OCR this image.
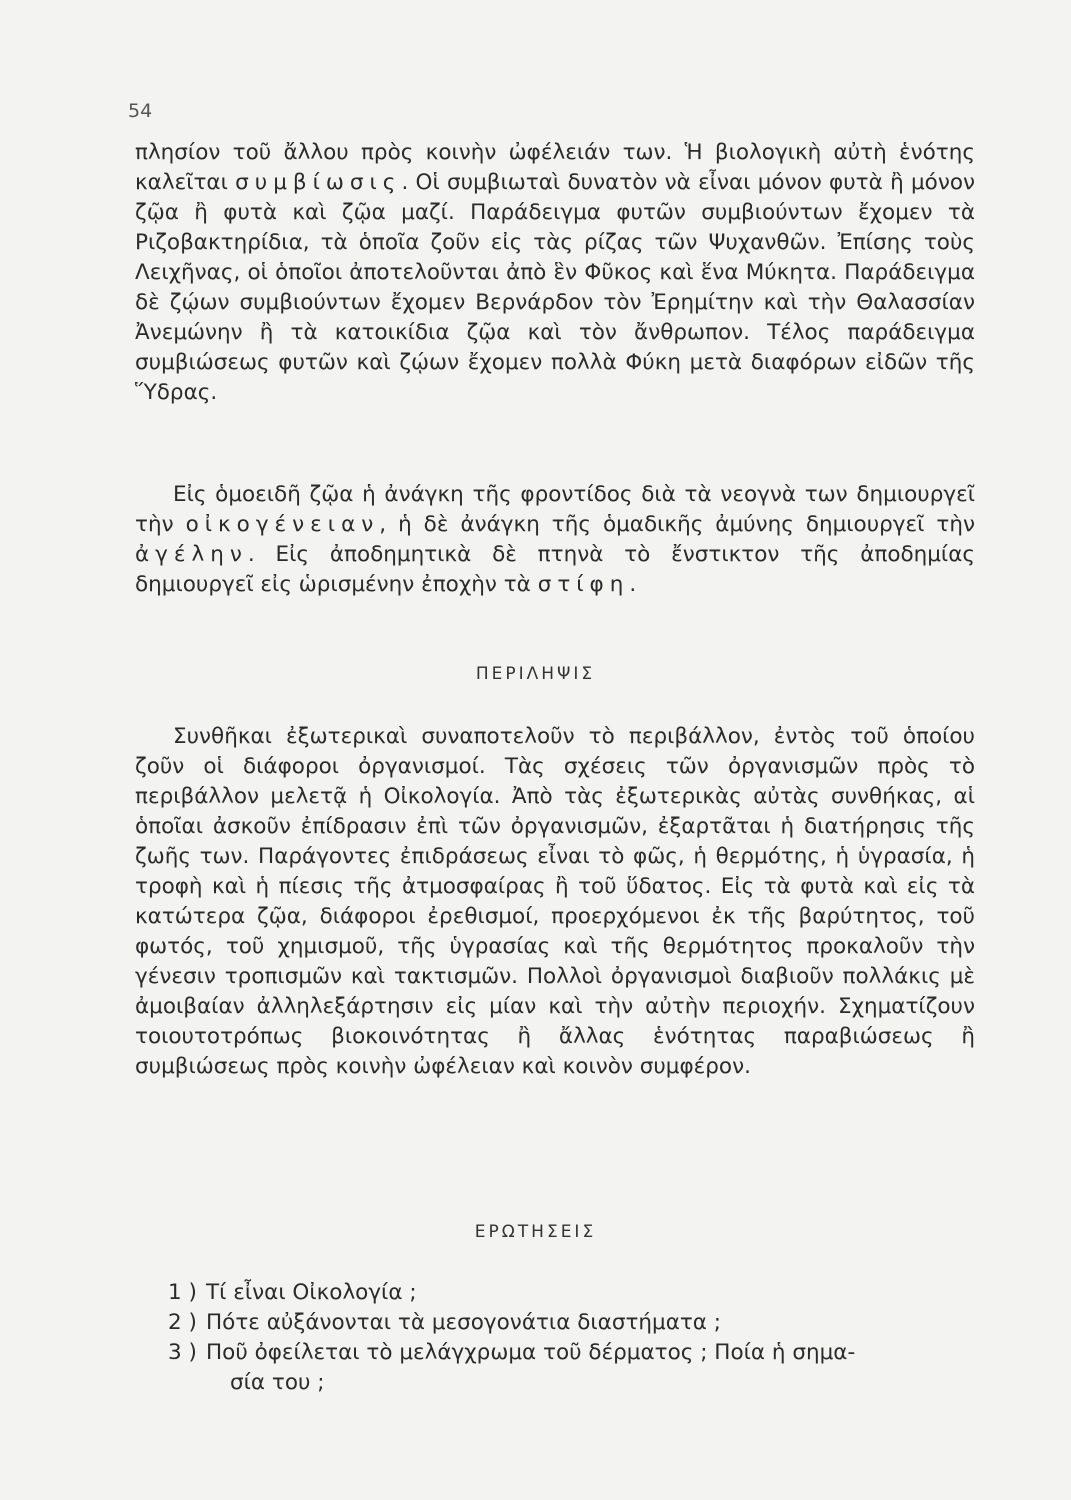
54

πλησίον τοῦ ἄλλου πρὸς κοινὴν ὠφέλειάν των. Ἡ βιολογικὴ αὐτὴ ἑνότης καλεῖται συμβίωσις. Οἱ συμβιωταὶ δυνατὸν νὰ εἶναι μόνον φυτὰ ἢ μόνον ζῷα ἢ φυτὰ καὶ ζῷα μαζί. Παράδειγμα φυτῶν συμβιούντων ἔχομεν τὰ Ριζοβακτηρίδια, τὰ ὁποῖα ζοῦν εἰς τὰς ρίζας τῶν Ψυχανθῶν. Ἐπίσης τοὺς Λειχῆνας, οἱ ὁποῖοι ἀποτελοῦνται ἀπὸ ἓν Φῦκος καὶ ἕνα Μύκητα. Παράδειγμα δὲ ζῴων συμβιούντων ἔχομεν Βερνάρδον τὸν Ἐρημίτην καὶ τὴν Θαλασσίαν Ἀνεμώνην ἢ τὰ κατοικίδια ζῷα καὶ τὸν ἄνθρωπον. Τέλος παράδειγμα συμβιώσεως φυτῶν καὶ ζῴων ἔχομεν πολλὰ Φύκη μετὰ διαφόρων εἰδῶν τῆς Ὕδρας.

Εἰς ὁμοειδῆ ζῷα ἡ ἀνάγκη τῆς φροντίδος διὰ τὰ νεογνὰ των δημιουργεῖ τὴν οἰκογένειαν, ἡ δὲ ἀνάγκη τῆς ὁμαδικῆς ἀμύνης δημιουργεῖ τὴν ἀγέλην. Εἰς ἀποδημητικὰ δὲ πτηνὰ τὸ ἔνστικτον τῆς ἀποδημίας δημιουργεῖ εἰς ὡρισμένην ἐποχὴν τὰ στίφη.

ΠΕΡΙΛΗΨΙΣ

Συνθῆκαι ἐξωτερικαὶ συναποτελοῦν τὸ περιβάλλον, ἐντὸς τοῦ ὁποίου ζοῦν οἱ διάφοροι ὀργανισμοί. Τὰς σχέσεις τῶν ὀργανισμῶν πρὸς τὸ περιβάλλον μελετᾷ ἡ Οἰκολογία. Ἀπὸ τὰς ἐξωτερικὰς αὐτὰς συνθήκας, αἱ ὁποῖαι ἀσκοῦν ἐπίδρασιν ἐπὶ τῶν ὀργανισμῶν, ἐξαρτᾶται ἡ διατήρησις τῆς ζωῆς των. Παράγοντες ἐπιδράσεως εἶναι τὸ φῶς, ἡ θερμότης, ἡ ὑγρασία, ἡ τροφὴ καὶ ἡ πίεσις τῆς ἀτμοσφαίρας ἢ τοῦ ὕδατος. Εἰς τὰ φυτὰ καὶ εἰς τὰ κατώτερα ζῷα, διάφοροι ἐρεθισμοί, προερχόμενοι ἐκ τῆς βαρύτητος, τοῦ φωτός, τοῦ χημισμοῦ, τῆς ὑγρασίας καὶ τῆς θερμότητος προκαλοῦν τὴν γένεσιν τροπισμῶν καὶ τακτισμῶν. Πολλοὶ ὀργανισμοὶ διαβιοῦν πολλάκις μὲ ἀμοιβαίαν ἀλληλεξάρτησιν εἰς μίαν καὶ τὴν αὐτὴν περιοχήν. Σχηματίζουν τοιουτοτρόπως βιοκοινότητας ἢ ἄλλας ἑνότητας παραβιώσεως ἢ συμβιώσεως πρὸς κοινὴν ὠφέλειαν καὶ κοινὸν συμφέρον.

ΕΡΩΤΗΣΕΙΣ
1 ) Τί εἶναι Οἰκολογία ;
2 ) Πότε αὐξάνονται τὰ μεσογονάτια διαστήματα ;
3 ) Ποῦ ὀφείλεται τὸ μελάγχρωμα τοῦ δέρματος ; Ποία ἡ σημα-
σία του ;
